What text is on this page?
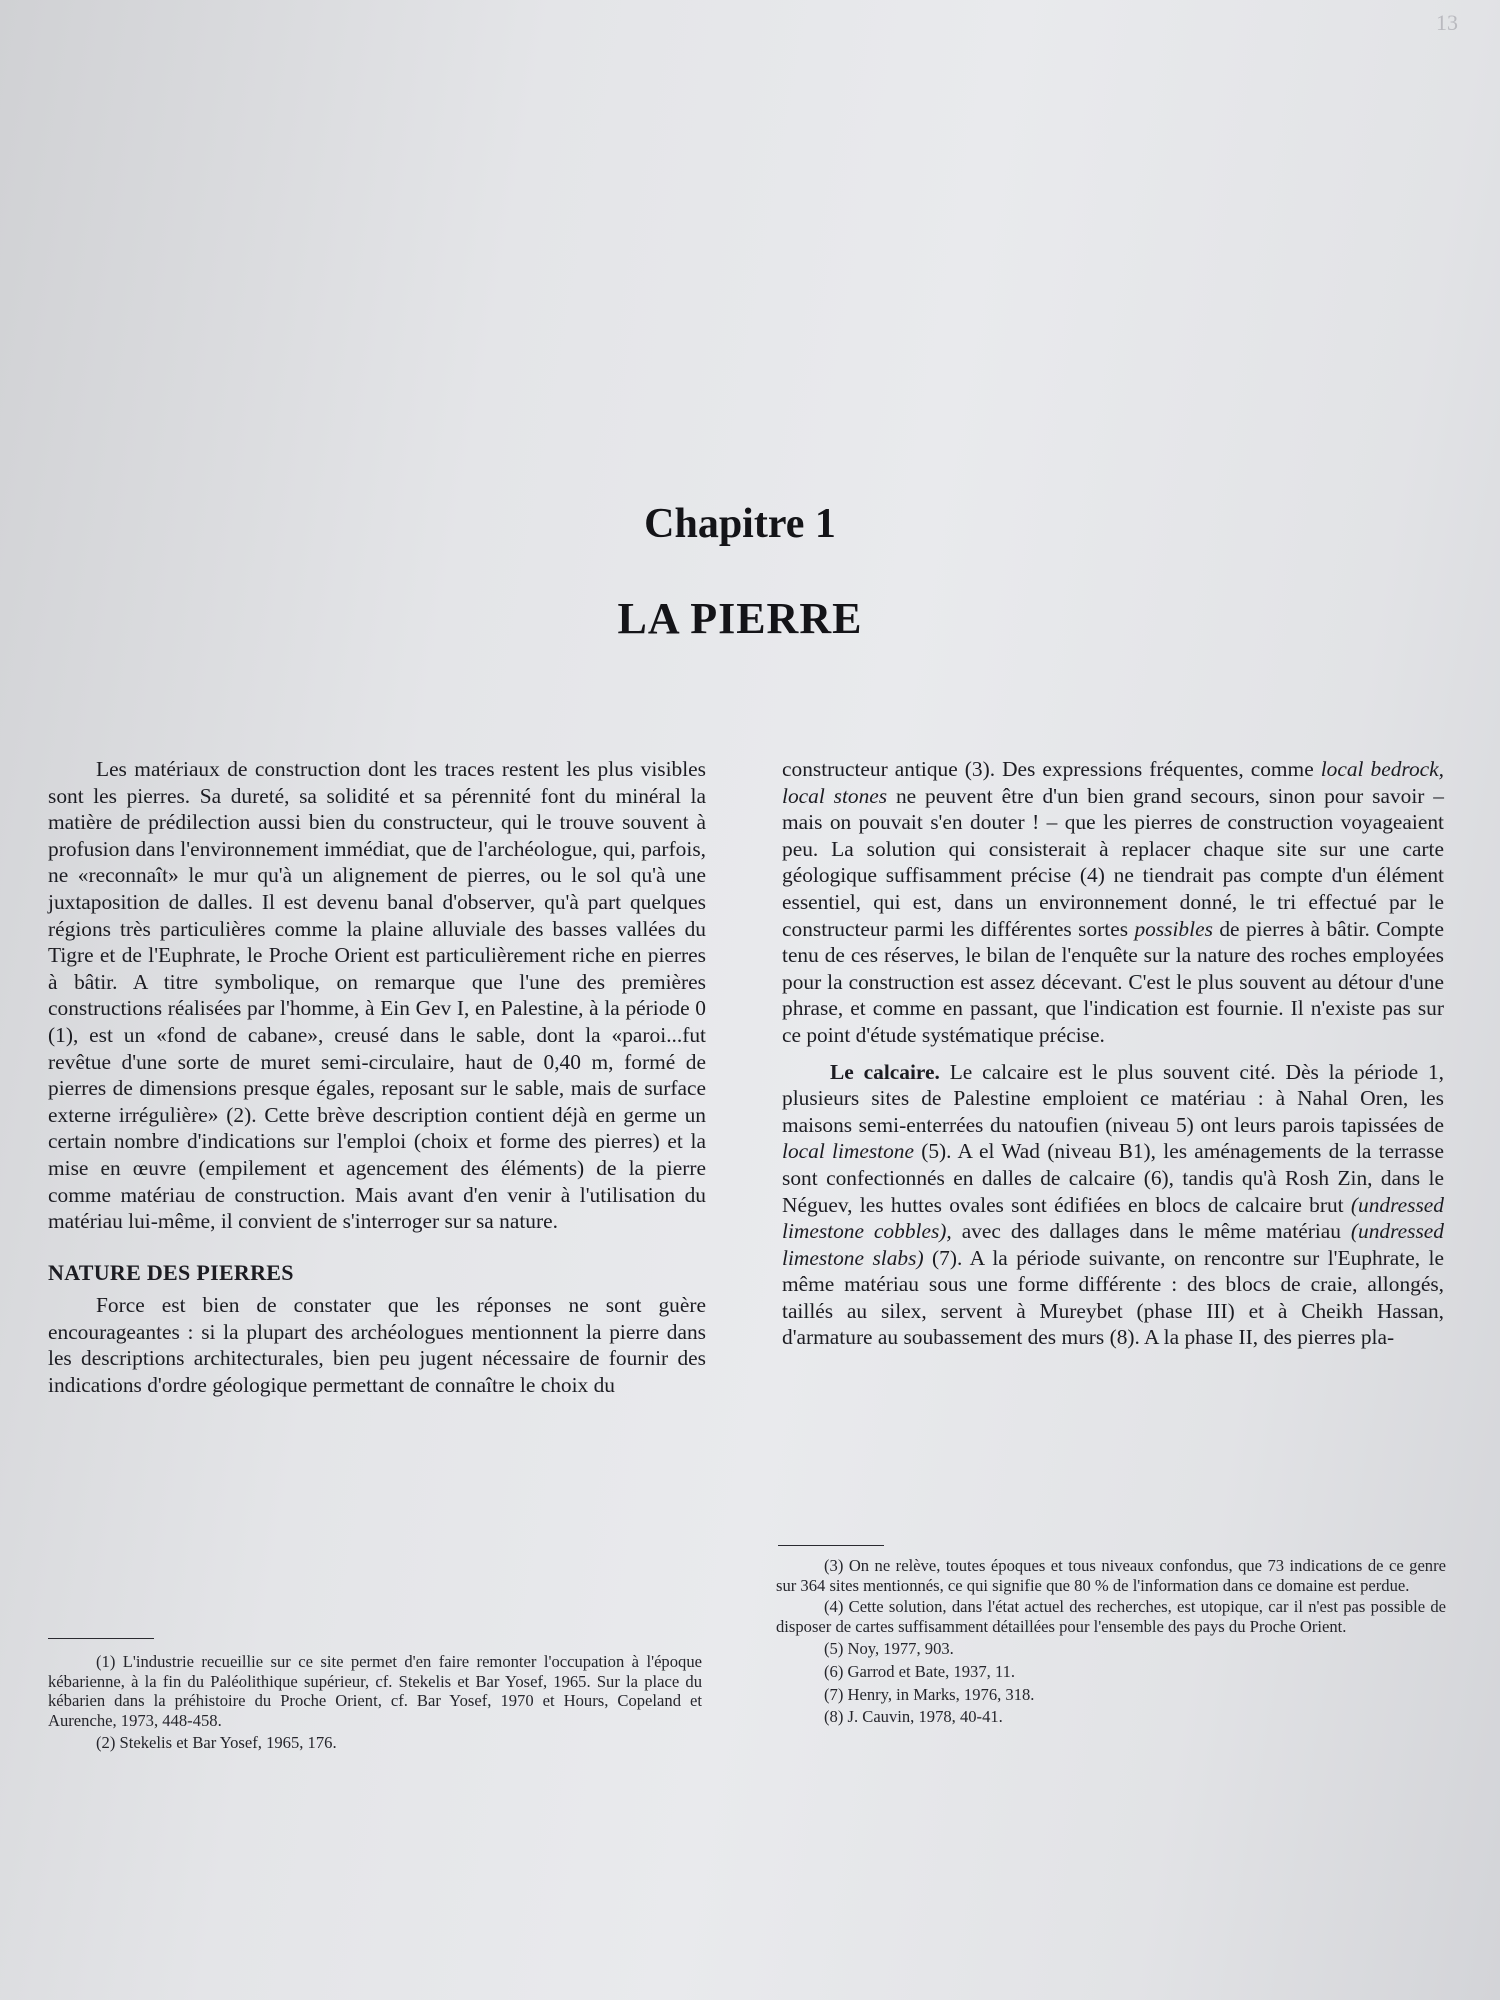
13
Chapitre 1
LA PIERRE

Les matériaux de construction dont les traces restent les plus visibles sont les pierres. Sa dureté, sa solidité et sa pérennité font du minéral la matière de prédilection aussi bien du constructeur, qui le trouve souvent à profusion dans l'environnement immédiat, que de l'archéologue, qui, parfois, ne «reconnaît» le mur qu'à un alignement de pierres, ou le sol qu'à une juxtaposition de dalles. Il est devenu banal d'observer, qu'à part quelques régions très particulières comme la plaine alluviale des basses vallées du Tigre et de l'Euphrate, le Proche Orient est particulièrement riche en pierres à bâtir. A titre symbolique, on remarque que l'une des premières constructions réalisées par l'homme, à Ein Gev I, en Palestine, à la période 0 (1), est un «fond de cabane», creusé dans le sable, dont la «paroi...fut revêtue d'une sorte de muret semi-circulaire, haut de 0,40 m, formé de pierres de dimensions presque égales, reposant sur le sable, mais de surface externe irrégulière» (2). Cette brève description contient déjà en germe un certain nombre d'indications sur l'emploi (choix et forme des pierres) et la mise en œuvre (empilement et agencement des éléments) de la pierre comme matériau de construction. Mais avant d'en venir à l'utilisation du matériau lui-même, il convient de s'interroger sur sa nature.

NATURE DES PIERRES

Force est bien de constater que les réponses ne sont guère encourageantes : si la plupart des archéologues mentionnent la pierre dans les descriptions architecturales, bien peu jugent nécessaire de fournir des indications d'ordre géologique permettant de connaître le choix du

constructeur antique (3). Des expressions fréquentes, comme local bedrock, local stones ne peuvent être d'un bien grand secours, sinon pour savoir – mais on pouvait s'en douter ! – que les pierres de construction voyageaient peu. La solution qui consisterait à replacer chaque site sur une carte géologique suffisamment précise (4) ne tiendrait pas compte d'un élément essentiel, qui est, dans un environnement donné, le tri effectué par le constructeur parmi les différentes sortes possibles de pierres à bâtir. Compte tenu de ces réserves, le bilan de l'enquête sur la nature des roches employées pour la construction est assez décevant. C'est le plus souvent au détour d'une phrase, et comme en passant, que l'indication est fournie. Il n'existe pas sur ce point d'étude systématique précise.

Le calcaire. Le calcaire est le plus souvent cité. Dès la période 1, plusieurs sites de Palestine emploient ce matériau : à Nahal Oren, les maisons semi-enterrées du natoufien (niveau 5) ont leurs parois tapissées de local limestone (5). A el Wad (niveau B1), les aménagements de la terrasse sont confectionnés en dalles de calcaire (6), tandis qu'à Rosh Zin, dans le Néguev, les huttes ovales sont édifiées en blocs de calcaire brut (undressed limestone cobbles), avec des dallages dans le même matériau (undressed limestone slabs) (7). A la période suivante, on rencontre sur l'Euphrate, le même matériau sous une forme différente : des blocs de craie, allongés, taillés au silex, servent à Mureybet (phase III) et à Cheikh Hassan, d'armature au soubassement des murs (8). A la phase II, des pierres pla-

(1) L'industrie recueillie sur ce site permet d'en faire remonter l'occupation à l'époque kébarienne, à la fin du Paléolithique supérieur, cf. Stekelis et Bar Yosef, 1965. Sur la place du kébarien dans la préhistoire du Proche Orient, cf. Bar Yosef, 1970 et Hours, Copeland et Aurenche, 1973, 448-458.

(2) Stekelis et Bar Yosef, 1965, 176.

(3) On ne relève, toutes époques et tous niveaux confondus, que 73 indications de ce genre sur 364 sites mentionnés, ce qui signifie que 80 % de l'information dans ce domaine est perdue.

(4) Cette solution, dans l'état actuel des recherches, est utopique, car il n'est pas possible de disposer de cartes suffisamment détaillées pour l'ensemble des pays du Proche Orient.

(5) Noy, 1977, 903.

(6) Garrod et Bate, 1937, 11.

(7) Henry, in Marks, 1976, 318.

(8) J. Cauvin, 1978, 40-41.
